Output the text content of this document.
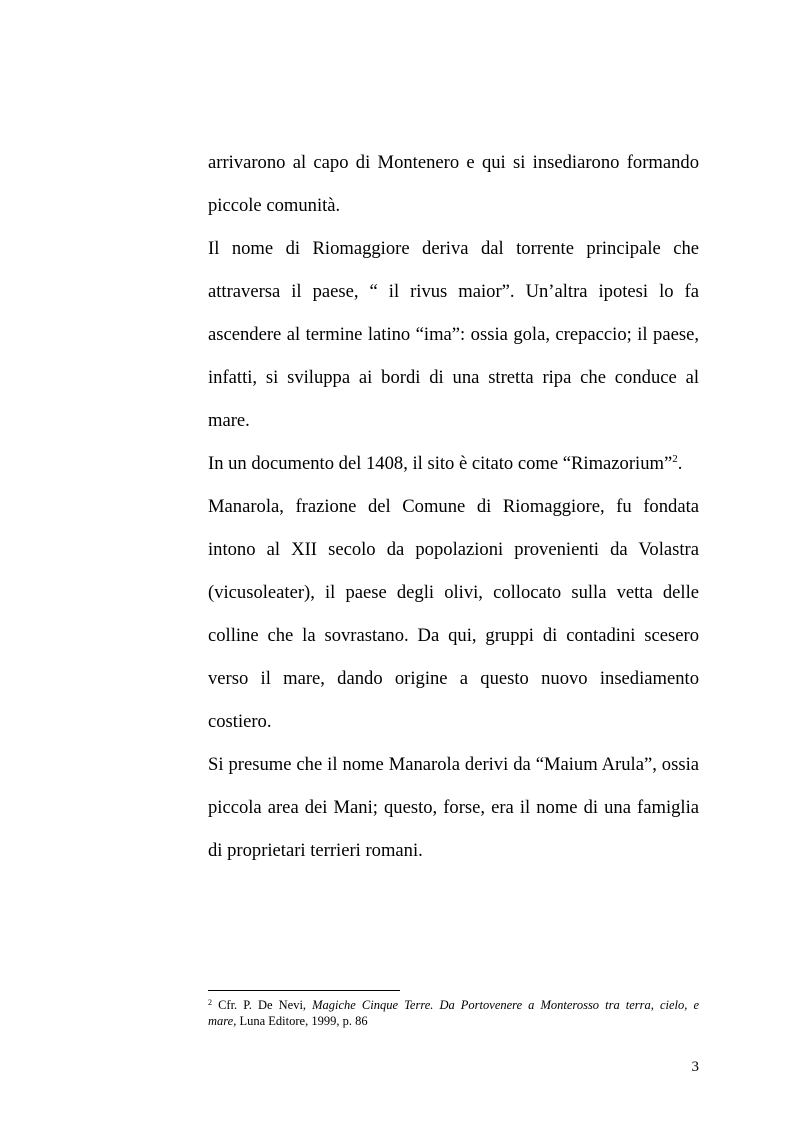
arrivarono al capo di Montenero e qui si insediarono formando
piccole comunità.
Il nome di Riomaggiore deriva dal torrente principale che
attraversa il paese, “ il rivus maior”. Un’altra ipotesi lo fa
ascendere al termine latino “ima”: ossia gola, crepaccio; il paese,
infatti, si sviluppa ai bordi di una stretta ripa che conduce al
mare.
In un documento del 1408, il sito è citato come “Rimazorium”$^2$.
Manarola, frazione del Comune di Riomaggiore, fu fondata
intono al XII secolo da popolazioni provenienti da Volastra
(vicusoleater), il paese degli olivi, collocato sulla vetta delle
colline che la sovrastano. Da qui, gruppi di contadini scesero
verso il mare, dando origine a questo nuovo insediamento
costiero.
Si presume che il nome Manarola derivi da “Maium Arula”, ossia
piccola area dei Mani; questo, forse, era il nome di una famiglia
di proprietari terrieri romani.
$^2$ Cfr. P. De Nevi, Magiche Cinque Terre. Da Portovenere a Monterosso tra terra, cielo, e
mare, Luna Editore, 1999, p. 86
3
